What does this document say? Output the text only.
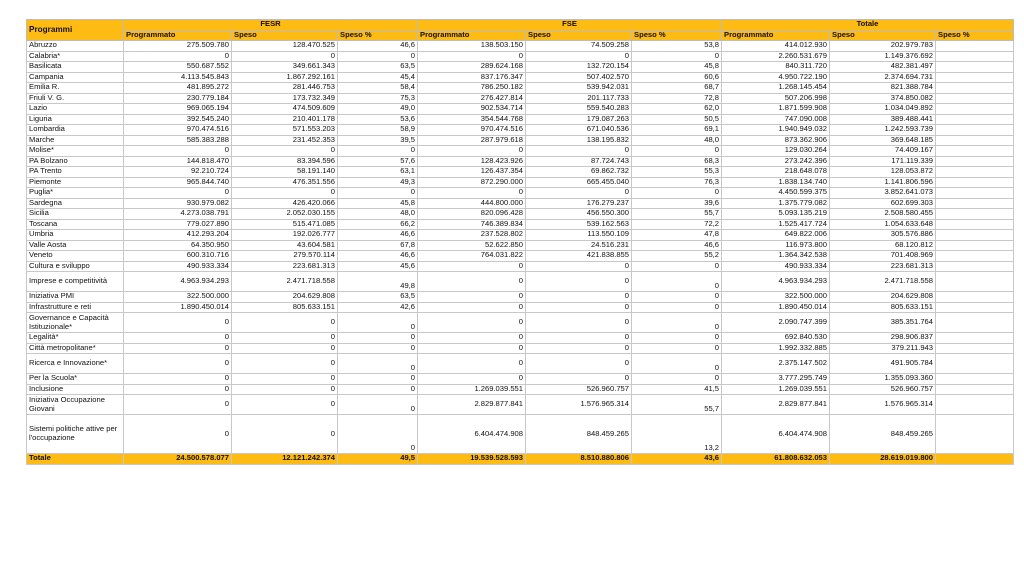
Programmi	FESR			FSE			Totale		
	Programmato	Speso	Speso %	Programmato	Speso	Speso %	Programmato	Speso	Speso %
Abruzzo	275.509.780	128.470.525	46,6	138.503.150	74.509.258	53,8	414.012.930	202.979.783	
Calabria*	0	0	0	0	0	0	2.260.531.679	1.149.376.692	
Basilicata	550.687.552	349.661.343	63,5	289.624.168	132.720.154	45,8	840.311.720	482.381.497	
Campania	4.113.545.843	1.867.292.161	45,4	837.176.347	507.402.570	60,6	4.950.722.190	2.374.694.731	
Emilia R.	481.895.272	281.446.753	58,4	786.250.182	539.942.031	68,7	1.268.145.454	821.388.784	
Friuli V. G.	230.779.184	173.732.349	75,3	276.427.814	201.117.733	72,8	507.206.998	374.850.082	
Lazio	969.065.194	474.509.609	49,0	902.534.714	559.540.283	62,0	1.871.599.908	1.034.049.892	
Liguria	392.545.240	210.401.178	53,6	354.544.768	179.087.263	50,5	747.090.008	389.488.441	
Lombardia	970.474.516	571.553.203	58,9	970.474.516	671.040.536	69,1	1.940.949.032	1.242.593.739	
Marche	585.383.288	231.452.353	39,5	287.979.618	138.195.832	48,0	873.362.906	369.648.185	
Molise*	0	0	0	0	0	0	129.030.264	74.409.167	
PA Bolzano	144.818.470	83.394.596	57,6	128.423.926	87.724.743	68,3	273.242.396	171.119.339	
PA Trento	92.210.724	58.191.140	63,1	126.437.354	69.862.732	55,3	218.648.078	128.053.872	
Piemonte	965.844.740	476.351.556	49,3	872.290.000	665.455.040	76,3	1.838.134.740	1.141.806.596	
Puglia*	0	0	0	0	0	0	4.450.599.375	3.852.641.073	
Sardegna	930.979.082	426.420.066	45,8	444.800.000	176.279.237	39,6	1.375.779.082	602.699.303	
Sicilia	4.273.038.791	2.052.030.155	48,0	820.096.428	456.550.300	55,7	5.093.135.219	2.508.580.455	
Toscana	779.027.890	515.471.085	66,2	746.389.834	539.162.563	72,2	1.525.417.724	1.054.633.648	
Umbria	412.293.204	192.026.777	46,6	237.528.802	113.550.109	47,8	649.822.006	305.576.886	
Valle Aosta	64.350.950	43.604.581	67,8	52.622.850	24.516.231	46,6	116.973.800	68.120.812	
Veneto	600.310.716	279.570.114	46,6	764.031.822	421.838.855	55,2	1.364.342.538	701.408.969	
Cultura e sviluppo	490.933.334	223.681.313	45,6	0	0	0	490.933.334	223.681.313	
Imprese e competitività	4.963.934.293	2.471.718.558	49,8	0	0	0	4.963.934.293	2.471.718.558	
Iniziativa PMI	322.500.000	204.629.808	63,5	0	0	0	322.500.000	204.629.808	
Infrastrutture e reti	1.890.450.014	805.633.151	42,6	0	0	0	1.890.450.014	805.633.151	
Governance e Capacità Istituzionale*	0	0	0	0	0	0	2.090.747.399	385.351.764	
Legalità*	0	0	0	0	0	0	692.840.530	298.906.837	
Città metropolitane*	0	0	0	0	0	0	1.992.332.885	379.211.943	
Ricerca e Innovazione*	0	0	0	0	0	0	2.375.147.502	491.905.784	
Per la Scuola*	0	0	0	0	0	0	3.777.295.749	1.355.093.360	
Inclusione	0	0	0	1.269.039.551	526.960.757	41,5	1.269.039.551	526.960.757	
Iniziativa Occupazione Giovani	0	0	0	2.829.877.841	1.576.965.314	55,7	2.829.877.841	1.576.965.314	
Sistemi politiche attive per l'occupazione	0	0	0	6.404.474.908	848.459.265	13,2	6.404.474.908	848.459.265	
Totale	24.500.578.077	12.121.242.374	49,5	19.539.528.593	8.510.880.806	43,6	61.808.632.053	28.619.019.800	
